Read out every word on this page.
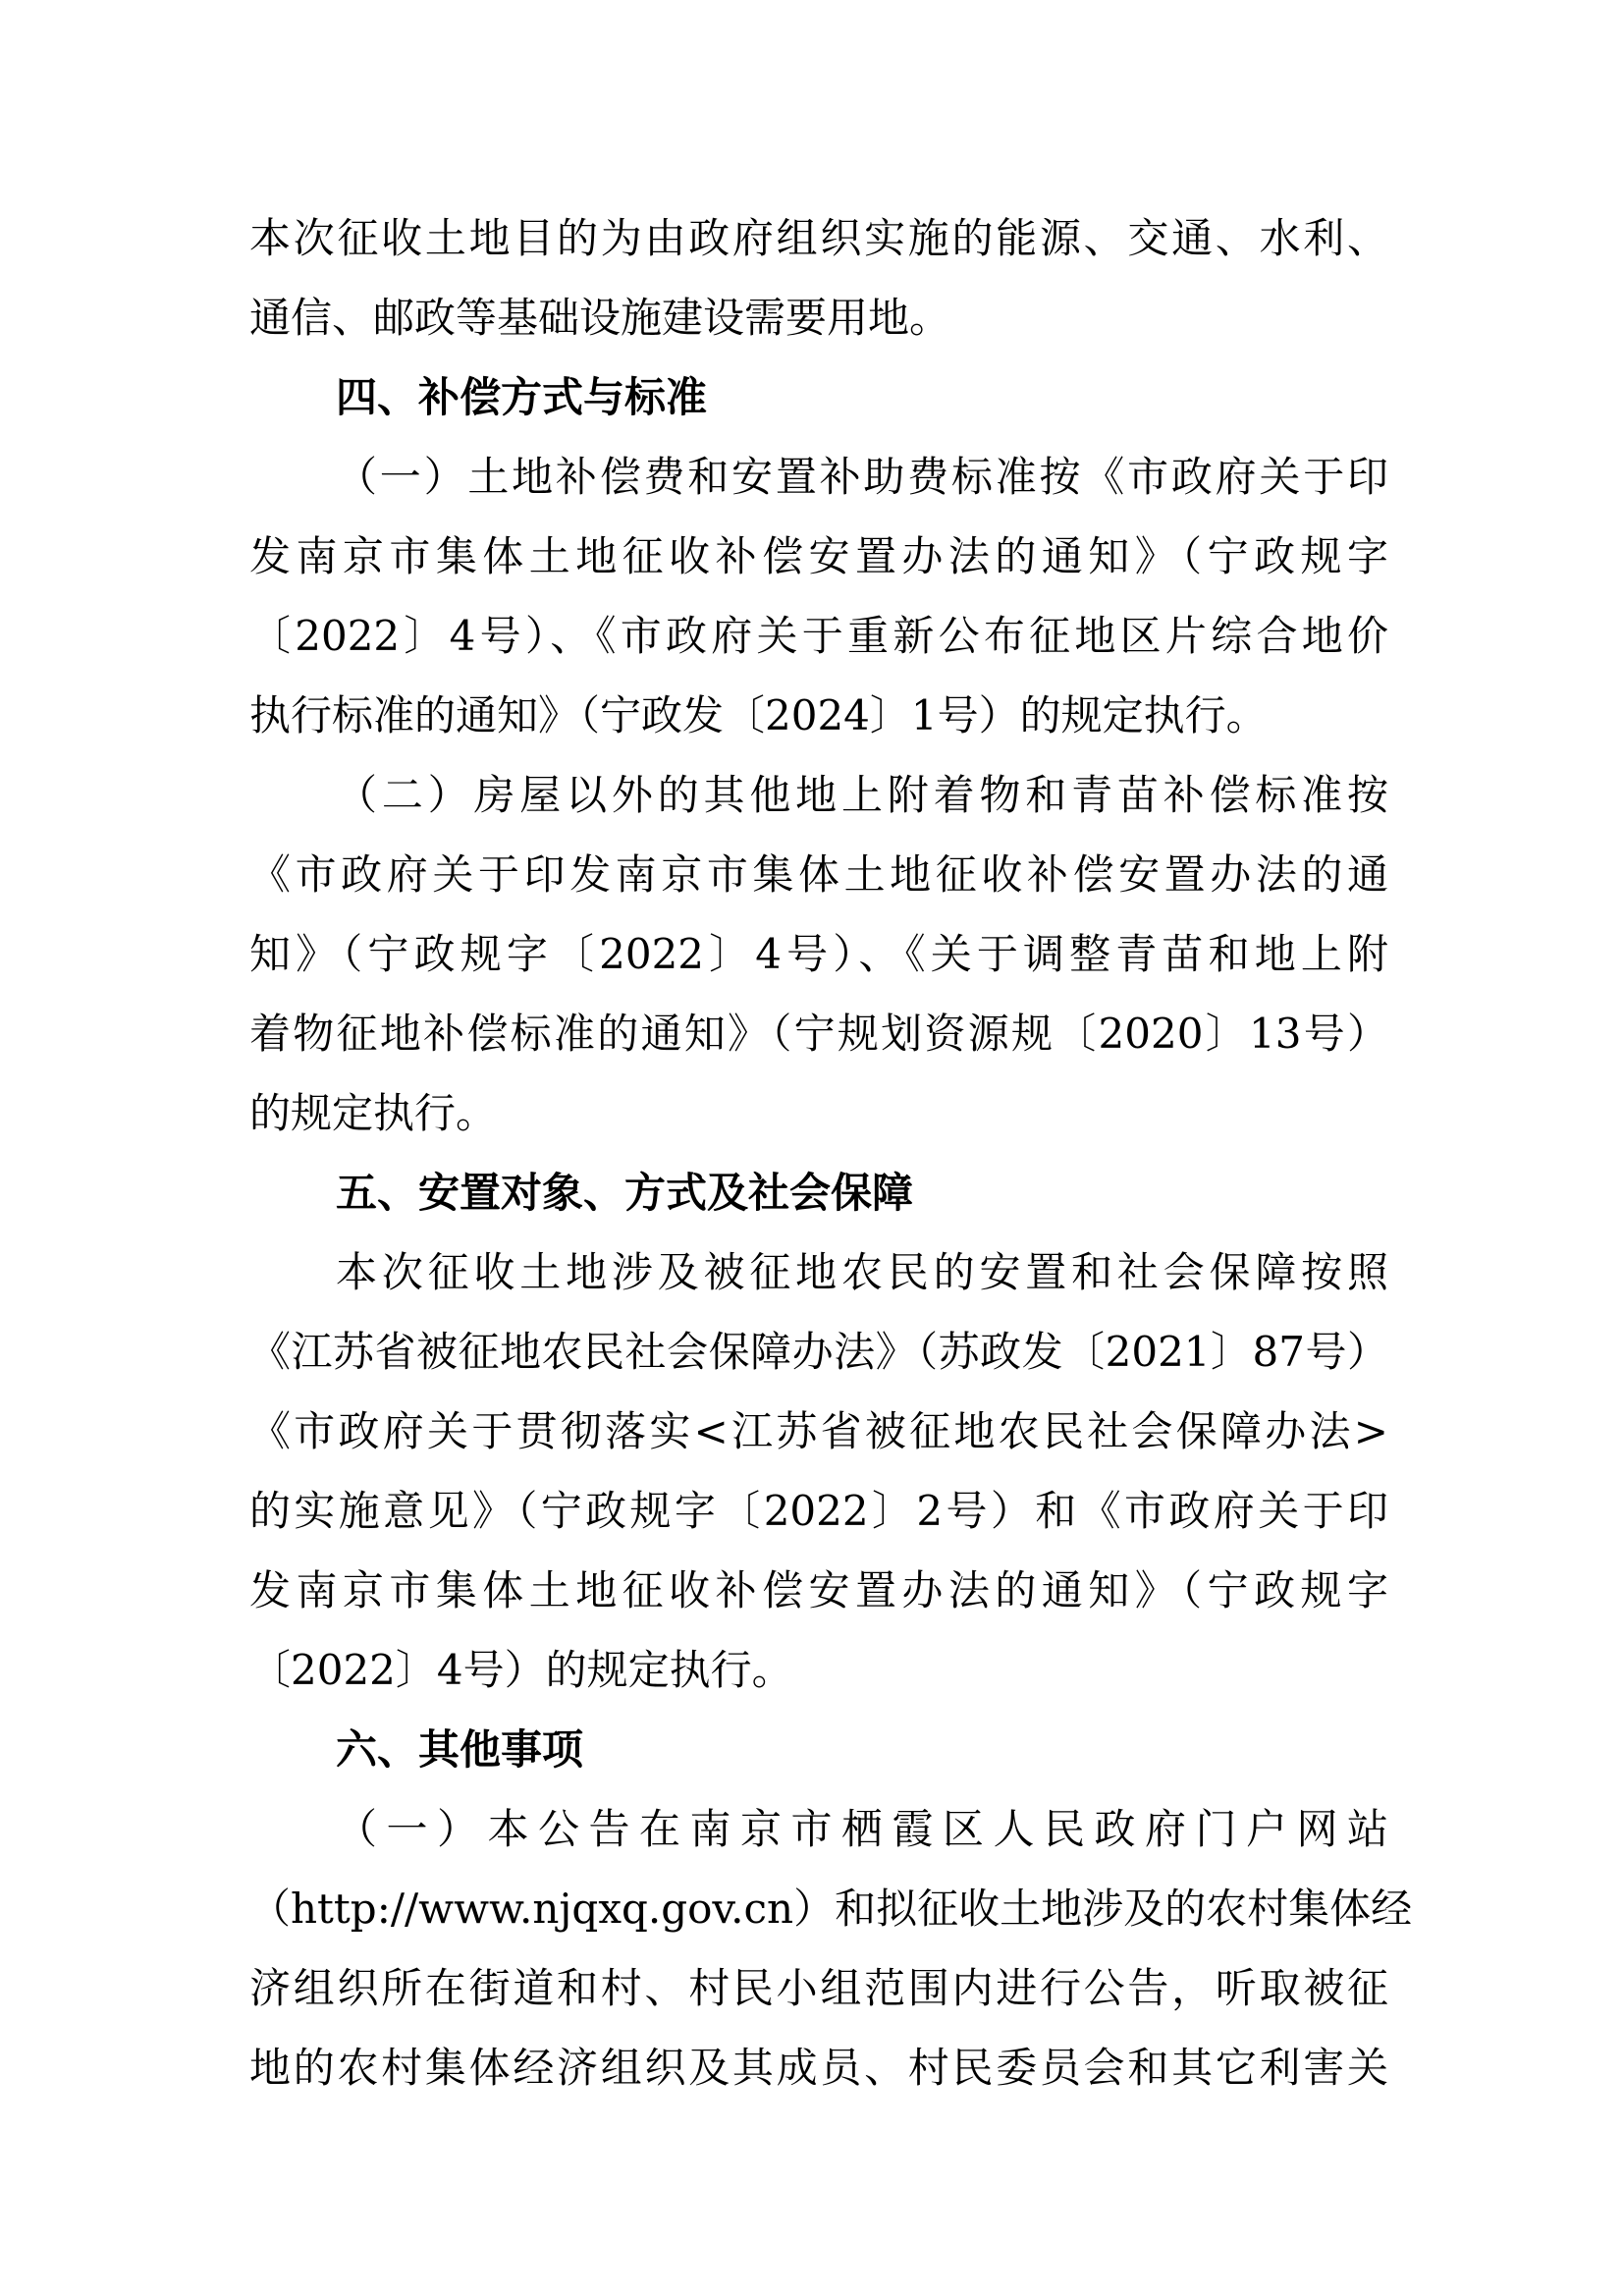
本次征收土地目的为由政府组织实施的能源、交通、水利、
通信、邮政等基础设施建设需要用地。
四、补偿方式与标准
（一）土地补偿费和安置补助费标准按《市政府关于印
发南京市集体土地征收补偿安置办法的通知》（宁政规字
〔2022〕4号）、《市政府关于重新公布征地区片综合地价
执行标准的通知》（宁政发〔2024〕1号）的规定执行。
（二）房屋以外的其他地上附着物和青苗补偿标准按
《市政府关于印发南京市集体土地征收补偿安置办法的通
知》（宁政规字〔2022〕4号）、《关于调整青苗和地上附
着物征地补偿标准的通知》（宁规划资源规〔2020〕13号）
的规定执行。
五、安置对象、方式及社会保障
本次征收土地涉及被征地农民的安置和社会保障按照
《江苏省被征地农民社会保障办法》（苏政发〔2021〕87号）
《市政府关于贯彻落实<江苏省被征地农民社会保障办法>
的实施意见》（宁政规字〔2022〕2号）和《市政府关于印
发南京市集体土地征收补偿安置办法的通知》（宁政规字
〔2022〕4号）的规定执行。
六、其他事项
（一）本公告在南京市栖霞区人民政府门户网站
（http://www.njqxq.gov.cn）和拟征收土地涉及的农村集体经
济组织所在街道和村、村民小组范围内进行公告，听取被征
地的农村集体经济组织及其成员、村民委员会和其它利害关
